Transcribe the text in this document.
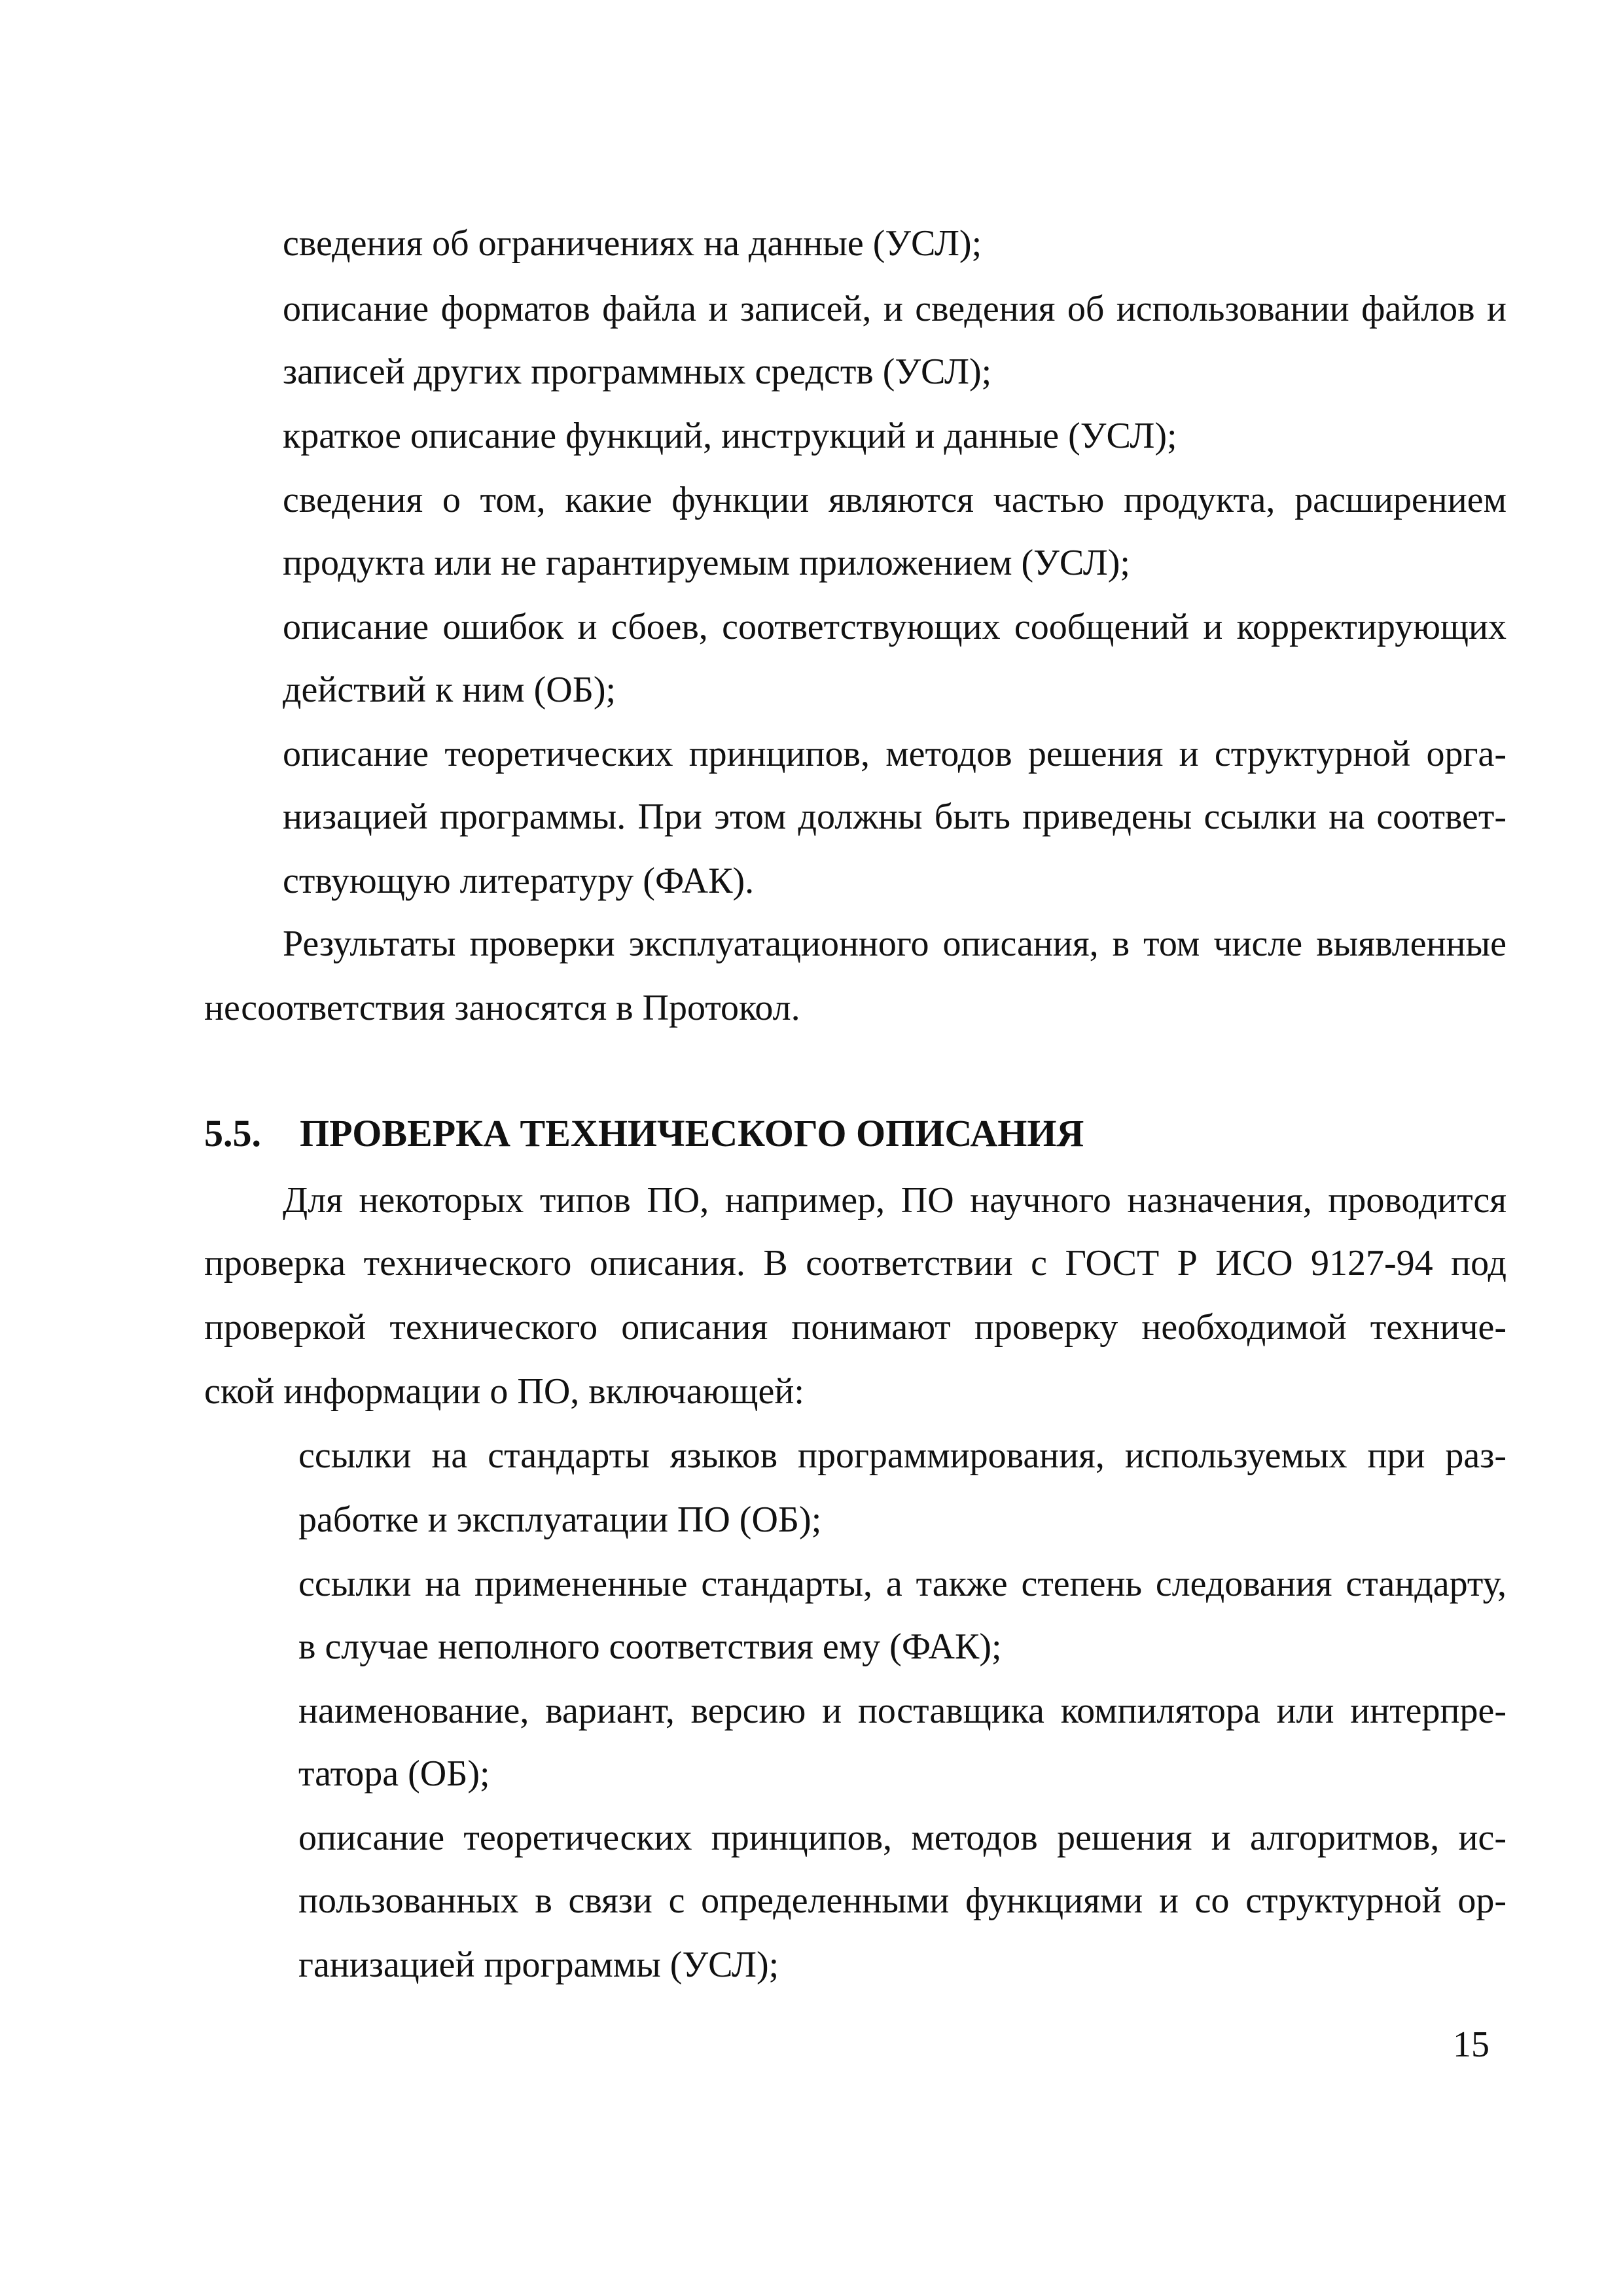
сведения об ограничениях на данные (УСЛ);
описание форматов файла и записей, и сведения об использовании файлов и
записей других программных средств (УСЛ);
краткое описание функций, инструкций и данные (УСЛ);
сведения о том, какие функции являются частью продукта, расширением
продукта или не гарантируемым приложением (УСЛ);
описание ошибок и сбоев, соответствующих сообщений и корректирующих
действий к ним (ОБ);
описание теоретических принципов, методов решения и структурной орга-
низацией программы. При этом должны быть приведены ссылки на соответ-
ствующую литературу (ФАК).
Результаты проверки эксплуатационного описания, в том числе выявленные
несоответствия заносятся в Протокол.
5.5. ПРОВЕРКА ТЕХНИЧЕСКОГО ОПИСАНИЯ
Для некоторых типов ПО, например, ПО научного назначения, проводится
проверка технического описания. В соответствии с ГОСТ Р ИСО 9127-94 под
проверкой технического описания понимают проверку необходимой техниче-
ской информации о ПО, включающей:
ссылки на стандарты языков программирования, используемых при раз-
работке и эксплуатации ПО (ОБ);
ссылки на примененные стандарты, а также степень следования стандарту,
в случае неполного соответствия ему (ФАК);
наименование, вариант, версию и поставщика компилятора или интерпре-
татора (ОБ);
описание теоретических принципов, методов решения и алгоритмов, ис-
пользованных в связи с определенными функциями и со структурной ор-
ганизацией программы (УСЛ);
15
